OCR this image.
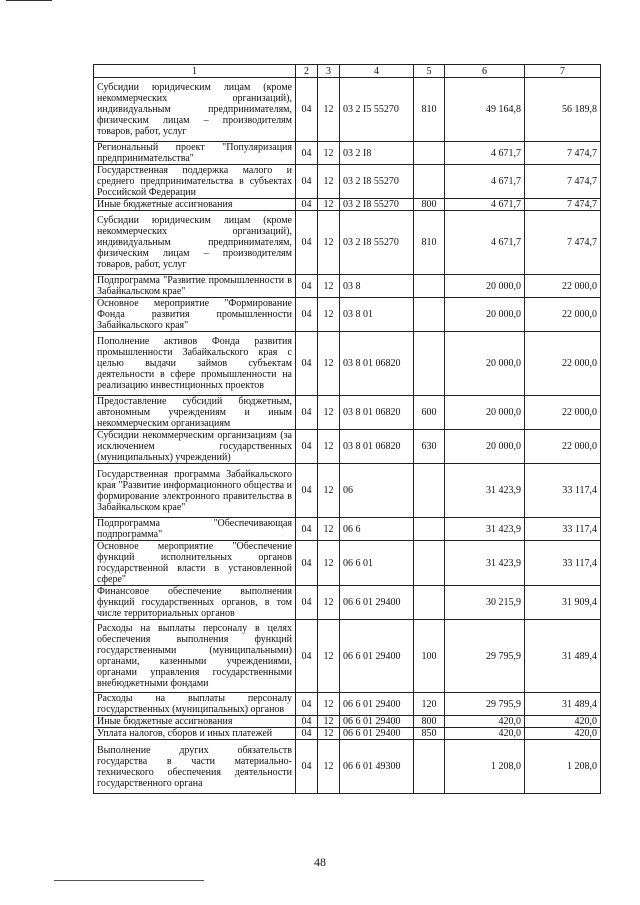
1	2	3	4	5	6	7
Субсидии юридическим лицам (кроме некоммерческих организаций), индивидуальным предпринимателям, физическим лицам – производителям товаров, работ, услуг	04	12	03 2 I5 55270	810	49 164,8	56 189,8
Региональный проект "Популяризация предпринимательства"	04	12	03 2 I8		4 671,7	7 474,7
Государственная поддержка малого и среднего предпринимательства в субъектах Российской Федерации	04	12	03 2 I8 55270		4 671,7	7 474,7
Иные бюджетные ассигнования	04	12	03 2 I8 55270	800	4 671,7	7 474,7
Субсидии юридическим лицам (кроме некоммерческих организаций), индивидуальным предпринимателям, физическим лицам – производителям товаров, работ, услуг	04	12	03 2 I8 55270	810	4 671,7	7 474,7
Подпрограмма "Развитие промышленности в Забайкальском крае"	04	12	03 8		20 000,0	22 000,0
Основное мероприятие "Формирование Фонда развития промышленности Забайкальского края"	04	12	03 8 01		20 000,0	22 000,0
Пополнение активов Фонда развития промышленности Забайкальского края с целью выдачи займов субъектам деятельности в сфере промышленности на реализацию инвестиционных проектов	04	12	03 8 01 06820		20 000,0	22 000,0
Предоставление субсидий бюджетным, автономным учреждениям и иным некоммерческим организациям	04	12	03 8 01 06820	600	20 000,0	22 000,0
Субсидии некоммерческим организациям (за исключением государственных (муниципальных) учреждений)	04	12	03 8 01 06820	630	20 000,0	22 000,0
Государственная программа Забайкальского края "Развитие информационного общества и формирование электронного правительства в Забайкальском крае"	04	12	06		31 423,9	33 117,4
Подпрограмма "Обеспечивающая подпрограмма"	04	12	06 6		31 423,9	33 117,4
Основное мероприятие "Обеспечение функций исполнительных органов государственной власти в установленной сфере"	04	12	06 6 01		31 423,9	33 117,4
Финансовое обеспечение выполнения функций государственных органов, в том числе территориальных органов	04	12	06 6 01 29400		30 215,9	31 909,4
Расходы на выплаты персоналу в целях обеспечения выполнения функций государственными (муниципальными) органами, казенными учреждениями, органами управления государственными внебюджетными фондами	04	12	06 6 01 29400	100	29 795,9	31 489,4
Расходы на выплаты персоналу государственных (муниципальных) органов	04	12	06 6 01 29400	120	29 795,9	31 489,4
Иные бюджетные ассигнования	04	12	06 6 01 29400	800	420,0	420,0
Уплата налогов, сборов и иных платежей	04	12	06 6 01 29400	850	420,0	420,0
Выполнение других обязательств государства в части материально-технического обеспечения деятельности государственного органа	04	12	06 6 01 49300		1 208,0	1 208,0
48
